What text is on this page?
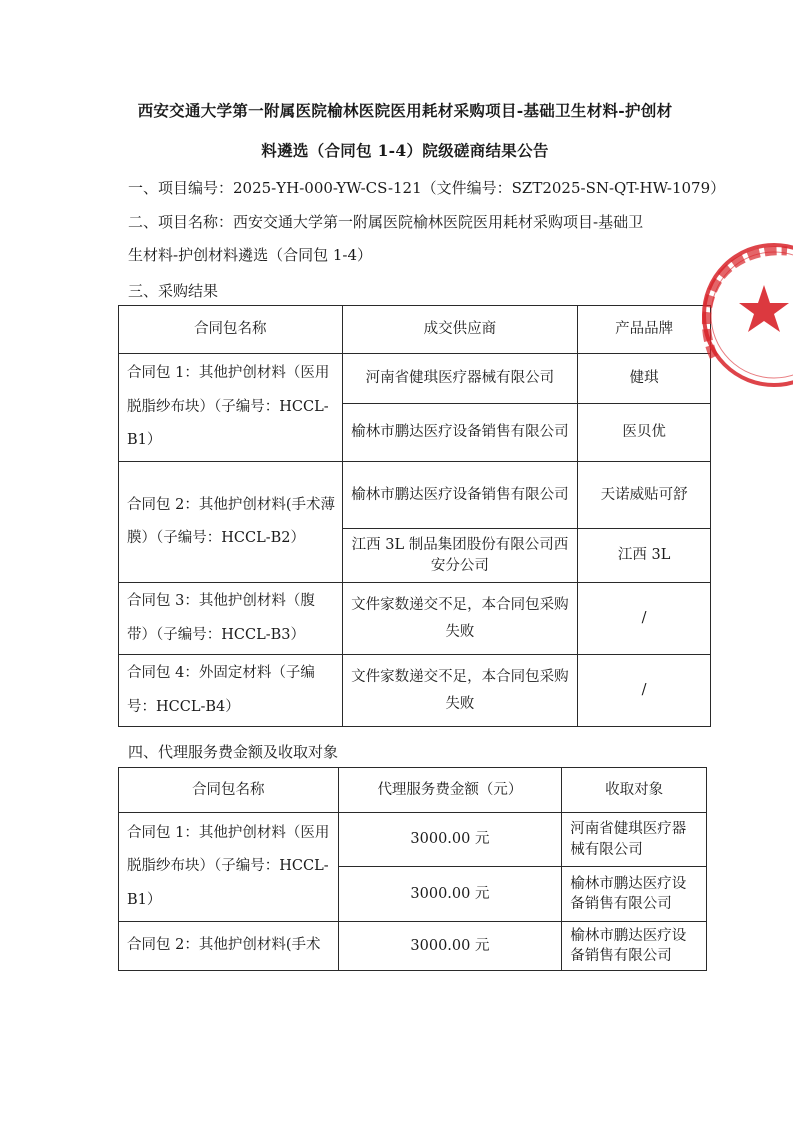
西安交通大学第一附属医院榆林医院医用耗材采购项目-基础卫生材料-护创材
料遴选（合同包 1-4）院级磋商结果公告
一、项目编号：2025-YH-000-YW-CS-121（文件编号：SZT2025-SN-QT-HW-1079）
二、项目名称：西安交通大学第一附属医院榆林医院医用耗材采购项目-基础卫
生材料-护创材料遴选（合同包 1-4）
三、采购结果
合同包名称	成交供应商	产品品牌
合同包 1：其他护创材料（医用脱脂纱布块）（子编号：HCCL-B1）	河南省健琪医疗器械有限公司	健琪
	榆林市鹏达医疗设备销售有限公司	医贝优
合同包 2：其他护创材料(手术薄膜）（子编号：HCCL-B2）	榆林市鹏达医疗设备销售有限公司	天诺威贴可舒
	江西 3L 制品集团股份有限公司西安分公司	江西 3L
合同包 3：其他护创材料（腹带）（子编号：HCCL-B3）	文件家数递交不足，本合同包采购失败	/
合同包 4：外固定材料（子编号：HCCL-B4）	文件家数递交不足，本合同包采购失败	/
四、代理服务费金额及收取对象
合同包名称	代理服务费金额（元）	收取对象
合同包 1：其他护创材料（医用脱脂纱布块）（子编号：HCCL-B1）	3000.00 元	河南省健琪医疗器械有限公司
	3000.00 元	榆林市鹏达医疗设备销售有限公司
合同包 2：其他护创材料(手术	3000.00 元	榆林市鹏达医疗设备销售有限公司
